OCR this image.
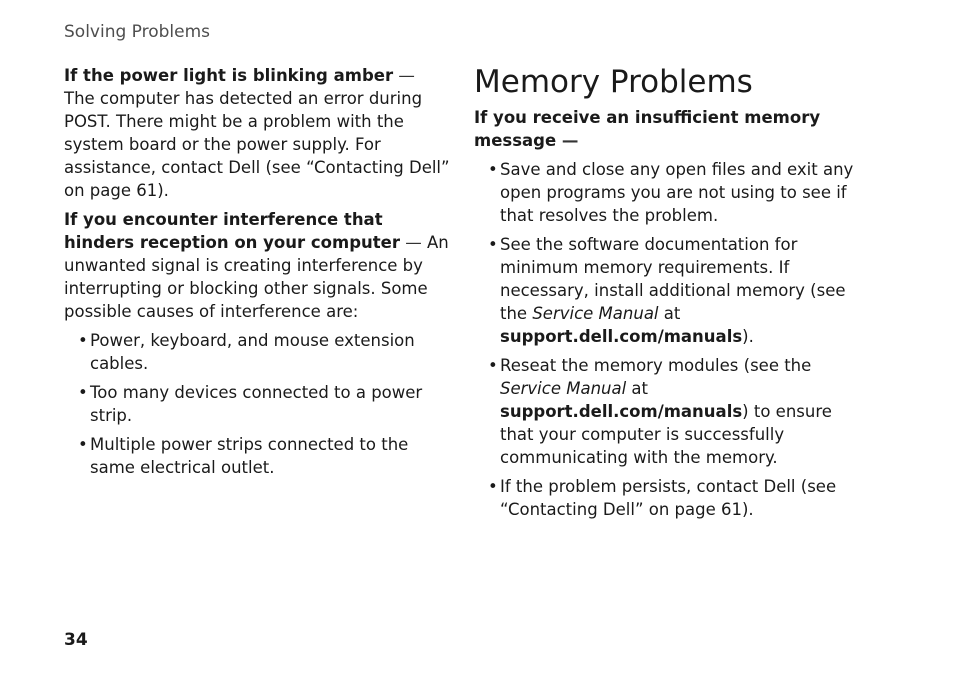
Solving Problems

If the power light is blinking amber — The computer has detected an error during POST. There might be a problem with the system board or the power supply. For assistance, contact Dell (see “Contacting Dell” on page 61).

If you encounter interference that hinders reception on your computer — An unwanted signal is creating interference by interrupting or blocking other signals. Some possible causes of interference are:

• Power, keyboard, and mouse extension cables.
• Too many devices connected to a power strip.
• Multiple power strips connected to the same electrical outlet.
Memory Problems

If you receive an insufficient memory message —

• Save and close any open files and exit any open programs you are not using to see if that resolves the problem.
• See the software documentation for minimum memory requirements. If necessary, install additional memory (see the Service Manual at support.dell.com/manuals).
• Reseat the memory modules (see the Service Manual at support.dell.com/manuals) to ensure that your computer is successfully communicating with the memory.
• If the problem persists, contact Dell (see “Contacting Dell” on page 61).
34
